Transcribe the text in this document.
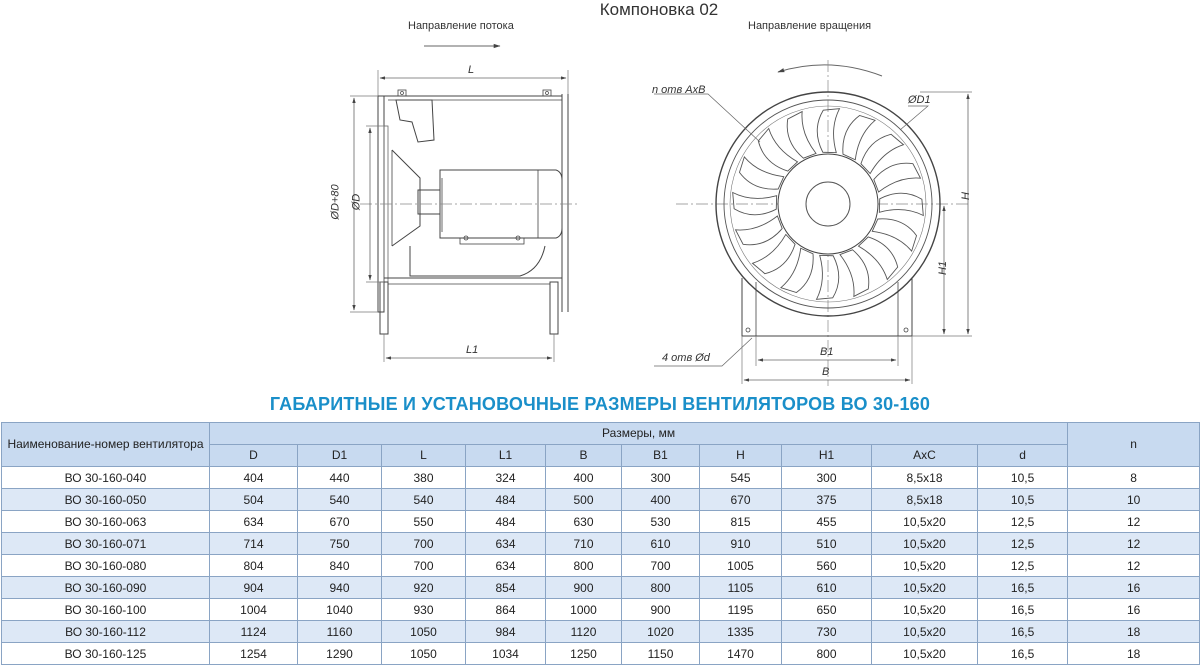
Компоновка 02
Направление потока	Направление вращения
L
L1
ØD+80 ØD
n отв AxB
ØD1
H
H1
B1
B
4 отв Ød
ГАБАРИТНЫЕ И УСТАНОВОЧНЫЕ РАЗМЕРЫ ВЕНТИЛЯТОРОВ ВО 30-160
Наименование-номер вентилятора	Размеры, мм										n
	D	D1	L	L1	B	B1	H	H1	AxC	d	
ВО 30-160-040	404	440	380	324	400	300	545	300	8,5x18	10,5	8
ВО 30-160-050	504	540	540	484	500	400	670	375	8,5x18	10,5	10
ВО 30-160-063	634	670	550	484	630	530	815	455	10,5x20	12,5	12
ВО 30-160-071	714	750	700	634	710	610	910	510	10,5x20	12,5	12
ВО 30-160-080	804	840	700	634	800	700	1005	560	10,5x20	12,5	12
ВО 30-160-090	904	940	920	854	900	800	1105	610	10,5x20	16,5	16
ВО 30-160-100	1004	1040	930	864	1000	900	1195	650	10,5x20	16,5	16
ВО 30-160-112	1124	1160	1050	984	1120	1020	1335	730	10,5x20	16,5	18
ВО 30-160-125	1254	1290	1050	1034	1250	1150	1470	800	10,5x20	16,5	18
